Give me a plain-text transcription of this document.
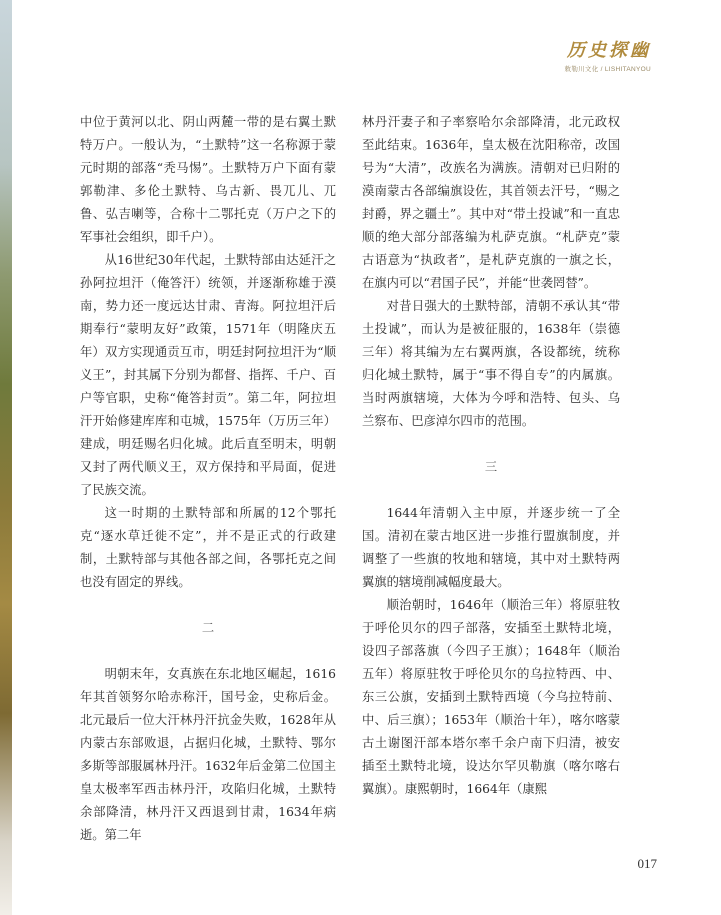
历史探幽
敕勒川文化 / LISHITANYOU

中位于黄河以北、阴山两麓一带的是右翼土默特万户。一般认为，“土默特”这一名称源于蒙元时期的部落“秃马惕”。土默特万户下面有蒙郭勒津、多伦土默特、乌古新、畏兀儿、兀鲁、弘吉喇等，合称十二鄂托克（万户之下的军事社会组织，即千户）。

从16世纪30年代起，土默特部由达延汗之孙阿拉坦汗（俺答汗）统领，并逐渐称雄于漠南，势力还一度远达甘肃、青海。阿拉坦汗后期奉行“蒙明友好”政策，1571年（明隆庆五年）双方实现通贡互市，明廷封阿拉坦汗为“顺义王”，封其属下分别为都督、指挥、千户、百户等官职，史称“俺答封贡”。第二年，阿拉坦汗开始修建库库和屯城，1575年（万历三年）建成，明廷赐名归化城。此后直至明末，明朝又封了两代顺义王，双方保持和平局面，促进了民族交流。

这一时期的土默特部和所属的12个鄂托克“逐水草迁徙不定”，并不是正式的行政建制，土默特部与其他各部之间，各鄂托克之间也没有固定的界线。

二

明朝末年，女真族在东北地区崛起，1616年其首领努尔哈赤称汗，国号金，史称后金。北元最后一位大汗林丹汗抗金失败，1628年从内蒙古东部败退，占据归化城，土默特、鄂尔多斯等部服属林丹汗。1632年后金第二位国主皇太极率军西击林丹汗，攻陷归化城，土默特余部降清，林丹汗又西退到甘肃，1634年病逝。第二年

林丹汗妻子和子率察哈尔余部降清，北元政权至此结束。1636年，皇太极在沈阳称帝，改国号为“大清”，改族名为满族。清朝对已归附的漠南蒙古各部编旗设佐，其首领去汗号，“赐之封爵，界之疆土”。其中对“带土投诚”和一直忠顺的绝大部分部落编为札萨克旗。“札萨克”蒙古语意为“执政者”，是札萨克旗的一旗之长，在旗内可以“君国子民”，并能“世袭罔替”。

对昔日强大的土默特部，清朝不承认其“带土投诚”，而认为是被征服的，1638年（崇德三年）将其编为左右翼两旗，各设都统，统称归化城土默特，属于“事不得自专”的内属旗。当时两旗辖境，大体为今呼和浩特、包头、乌兰察布、巴彦淖尔四市的范围。

三

1644年清朝入主中原，并逐步统一了全国。清初在蒙古地区进一步推行盟旗制度，并调整了一些旗的牧地和辖境，其中对土默特两翼旗的辖境削减幅度最大。

顺治朝时，1646年（顺治三年）将原驻牧于呼伦贝尔的四子部落，安插至土默特北境，设四子部落旗（今四子王旗）；1648年（顺治五年）将原驻牧于呼伦贝尔的乌拉特西、中、东三公旗，安插到土默特西境（今乌拉特前、中、后三旗）；1653年（顺治十年），喀尔喀蒙古土谢图汗部本塔尔率千余户南下归清，被安插至土默特北境，设达尔罕贝勒旗（喀尔喀右翼旗）。康熙朝时，1664年（康熙

017
